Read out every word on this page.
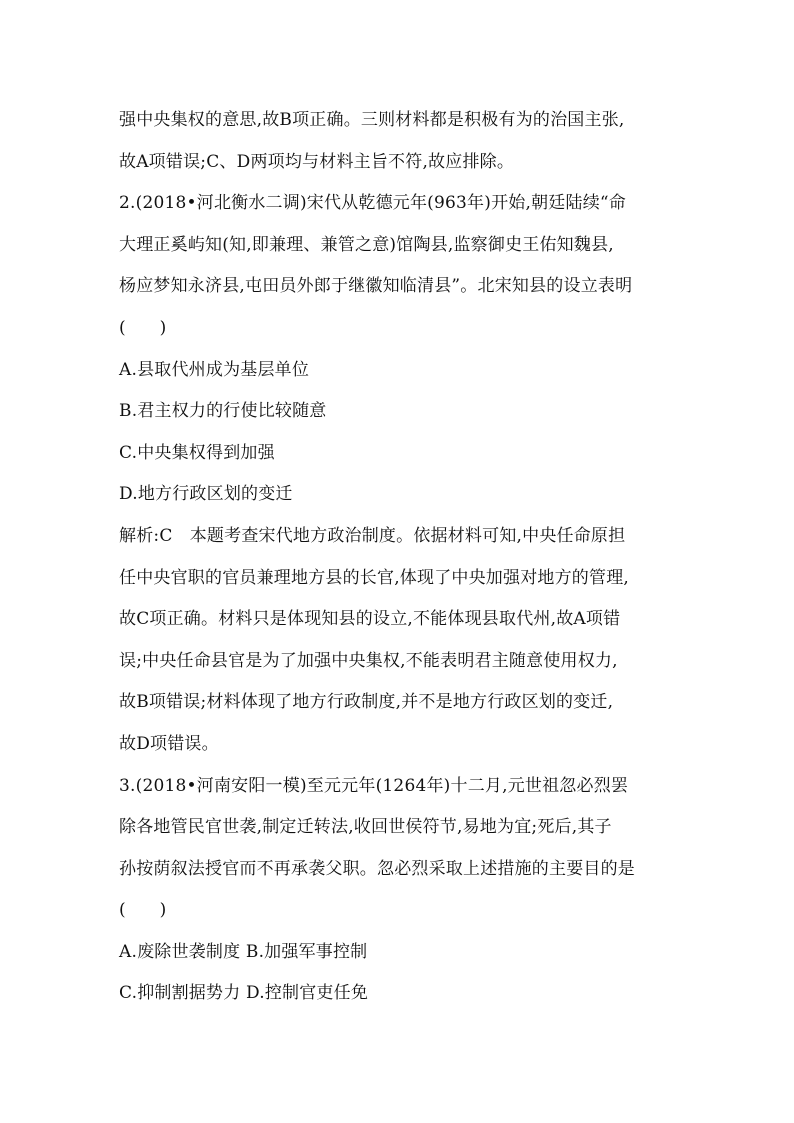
强中央集权的意思,故B项正确。三则材料都是积极有为的治国主张,
故A项错误;C、D两项均与材料主旨不符,故应排除。
2.(2018•河北衡水二调)宋代从乾德元年(963年)开始,朝廷陆续“命
大理正奚屿知(知,即兼理、兼管之意)馆陶县,监察御史王佑知魏县,
杨应梦知永济县,屯田员外郎于继徽知临清县”。北宋知县的设立表明
(　　)
A.县取代州成为基层单位
B.君主权力的行使比较随意
C.中央集权得到加强
D.地方行政区划的变迁
解析:C　本题考查宋代地方政治制度。依据材料可知,中央任命原担
任中央官职的官员兼理地方县的长官,体现了中央加强对地方的管理,
故C项正确。材料只是体现知县的设立,不能体现县取代州,故A项错
误;中央任命县官是为了加强中央集权,不能表明君主随意使用权力,
故B项错误;材料体现了地方行政制度,并不是地方行政区划的变迁,
故D项错误。
3.(2018•河南安阳一模)至元元年(1264年)十二月,元世祖忽必烈罢
除各地管民官世袭,制定迁转法,收回世侯符节,易地为宜;死后,其子
孙按荫叙法授官而不再承袭父职。忽必烈采取上述措施的主要目的是
(　　)
A.废除世袭制度 B.加强军事控制
C.抑制割据势力 D.控制官吏任免
